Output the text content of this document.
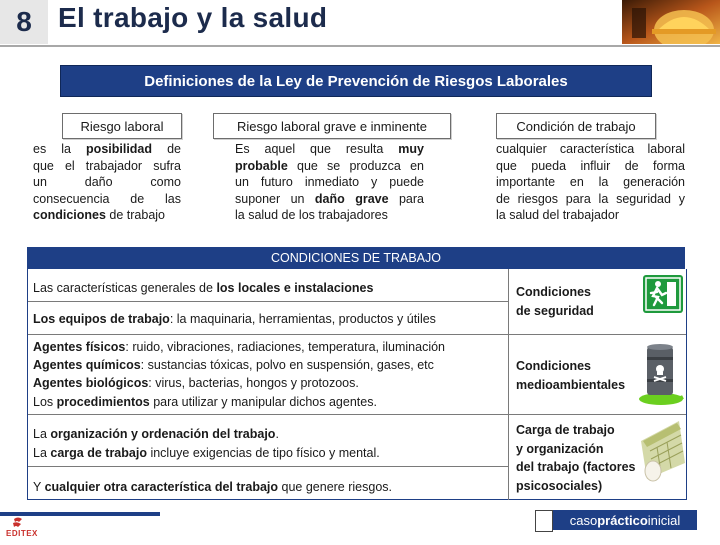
8 El trabajo y la salud
Definiciones de la Ley de Prevención de Riesgos Laborales
Riesgo laboral	Riesgo laboral grave e inminente	Condición de trabajo
es la posibilidad de
que el trabajador sufra
un daño como
consecuencia de las
condiciones de trabajo
Es aquel que resulta muy
probable que se produzca en
un futuro inmediato y puede
suponer un daño grave para
la salud de los trabajadores
cualquier característica laboral
que pueda influir de forma
importante en la generación
de riesgos para la seguridad y
la salud del trabajador
CONDICIONES DE TRABAJO
Las características generales de los locales e instalaciones
Los equipos de trabajo: la maquinaria, herramientas, productos y útiles
Condiciones
de seguridad
Agentes físicos: ruido, vibraciones, radiaciones, temperatura, iluminación
Agentes químicos: sustancias tóxicas, polvo en suspensión, gases, etc
Agentes biológicos: virus, bacterias, hongos y protozoos.
Los procedimientos para utilizar y manipular dichos agentes.
Condiciones
medioambientales
La organización y ordenación del trabajo.
La carga de trabajo incluye exigencias de tipo físico y mental.
Y cualquier otra característica del trabajo que genere riesgos.
Carga de trabajo
y organización
del trabajo (factores
psicosociales)
EDITEX
caso práctico inicial
